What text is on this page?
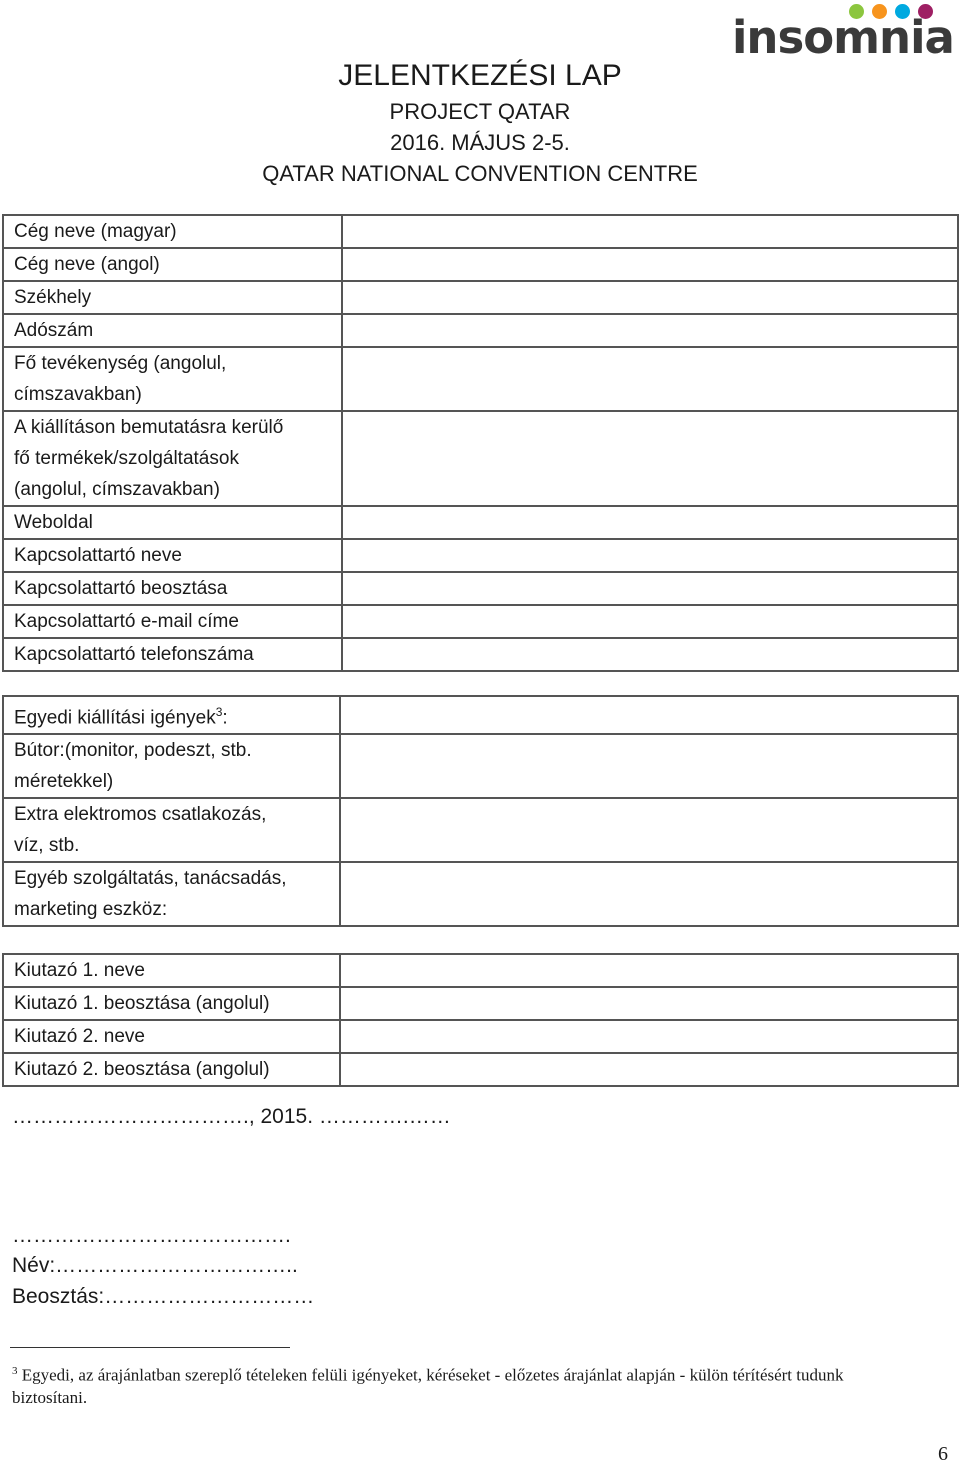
insomnia
JELENTKEZÉSI LAP
PROJECT QATAR
2016. MÁJUS 2-5.
QATAR NATIONAL CONVENTION CENTRE
Cég neve (magyar)	

Cég neve (angol)	

Székhely	

Adószám	

Fő tevékenység (angolul,
címszavakban)	

A kiállításon bemutatásra kerülő
fő termékek/szolgáltatások
(angolul, címszavakban)	

Weboldal	

Kapcsolattartó neve	

Kapcsolattartó beosztása	

Kapcsolattartó e-mail címe	

Kapcsolattartó telefonszáma	

Egyedi kiállítási igények$^3$:	

Bútor:(monitor, podeszt, stb.
méretekkel)	

Extra elektromos csatlakozás,
víz, stb.	

Egyéb szolgáltatás, tanácsadás,
marketing eszköz:	

Kiutazó 1. neve	

Kiutazó 1. beosztása (angolul)	

Kiutazó 2. neve	

Kiutazó 2. beosztása (angolul)	

……………………………., 2015. ………….……
………………………………….
Név:……………………………..
Beosztás:…………………………
$^3$ Egyedi, az árajánlatban szereplő tételeken felüli igényeket, kéréseket - előzetes árajánlat alapján - külön térítésért tudunk biztosítani.
6
